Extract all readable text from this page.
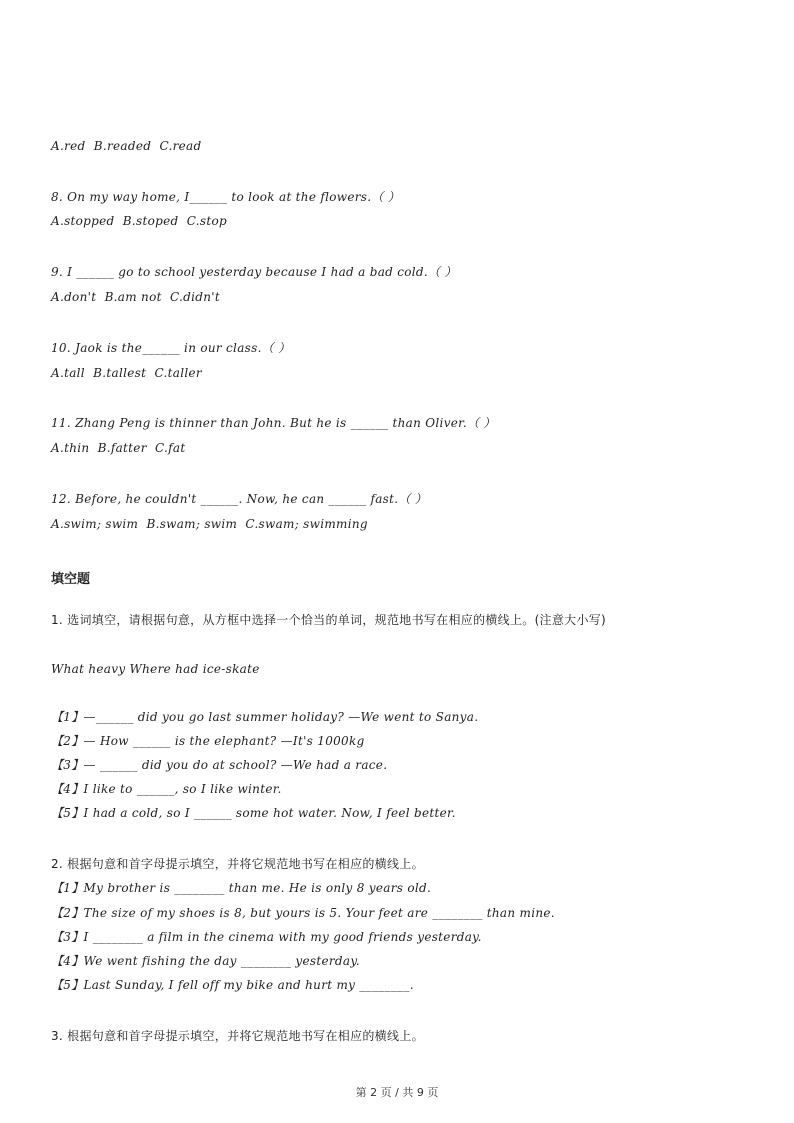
A.red  B.readed  C.read
8. On my way home, I______ to look at the flowers.（ ）
A.stopped  B.stoped  C.stop
9. I ______ go to school yesterday because I had a bad cold.（ ）
A.don't  B.am not  C.didn't
10. Jaok is the______ in our class.（ ）
A.tall  B.tallest  C.taller
11. Zhang Peng is thinner than John. But he is ______ than Oliver.（ ）
A.thin  B.fatter  C.fat
12. Before, he couldn't ______. Now, he can ______ fast.（ ）
A.swim; swim  B.swam; swim  C.swam; swimming
填空题
1. 选词填空，请根据句意，从方框中选择一个恰当的单词，规范地书写在相应的横线上。(注意大小写)
What heavy Where had ice-skate
【1】—______ did you go last summer holiday? —We went to Sanya.
【2】— How ______ is the elephant? —It's 1000kg
【3】— ______ did you do at school? —We had a race.
【4】I like to ______, so I like winter.
【5】I had a cold, so I ______ some hot water. Now, I feel better.
2. 根据句意和首字母提示填空，并将它规范地书写在相应的横线上。
【1】My brother is ________ than me. He is only 8 years old.
【2】The size of my shoes is 8, but yours is 5. Your feet are ________ than mine.
【3】I ________ a film in the cinema with my good friends yesterday.
【4】We went fishing the day ________ yesterday.
【5】Last Sunday, I fell off my bike and hurt my ________.
3. 根据句意和首字母提示填空，并将它规范地书写在相应的横线上。
第 2 页 / 共 9 页
